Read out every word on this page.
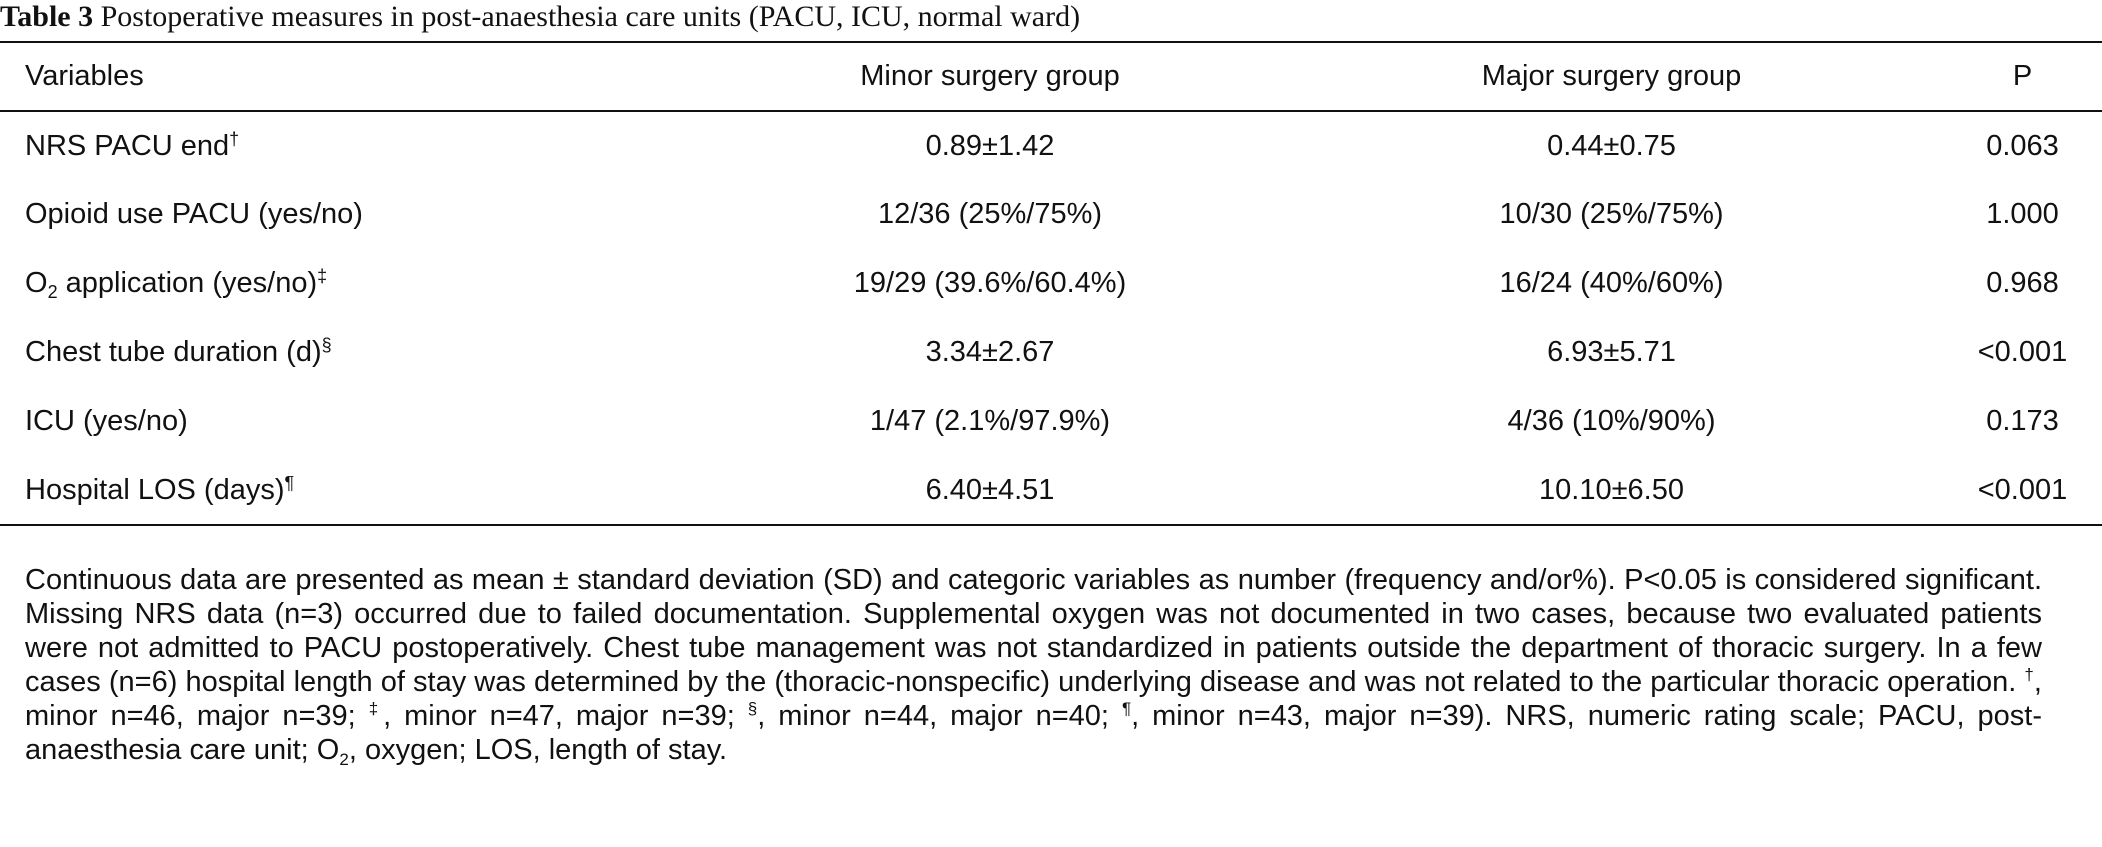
Table 3 Postoperative measures in post-anaesthesia care units (PACU, ICU, normal ward)
Variables	Minor surgery group	Major surgery group	P
NRS PACU end†	0.89±1.42	0.44±0.75	0.063
Opioid use PACU (yes/no)	12/36 (25%/75%)	10/30 (25%/75%)	1.000
$O_2$ application (yes/no)‡	19/29 (39.6%/60.4%)	16/24 (40%/60%)	0.968
Chest tube duration (d)§	3.34±2.67	6.93±5.71	<0.001
ICU (yes/no)	1/47 (2.1%/97.9%)	4/36 (10%/90%)	0.173
Hospital LOS (days)¶	6.40±4.51	10.10±6.50	<0.001

Continuous data are presented as mean ± standard deviation (SD) and categoric variables as number (frequency and/or%). P<0.05 is considered significant. Missing NRS data (n=3) occurred due to failed documentation. Supplemental oxygen was not documented in two cases, because two evaluated patients were not admitted to PACU postoperatively. Chest tube management was not standardized in patients outside the department of thoracic surgery. In a few cases (n=6) hospital length of stay was determined by the (thoracic-nonspecific) underlying disease and was not related to the particular thoracic operation. †, minor n=46, major n=39; ‡, minor n=47, major n=39; §, minor n=44, major n=40; ¶, minor n=43, major n=39). NRS, numeric rating scale; PACU, post-anaesthesia care unit; $O_2$, oxygen; LOS, length of stay.
